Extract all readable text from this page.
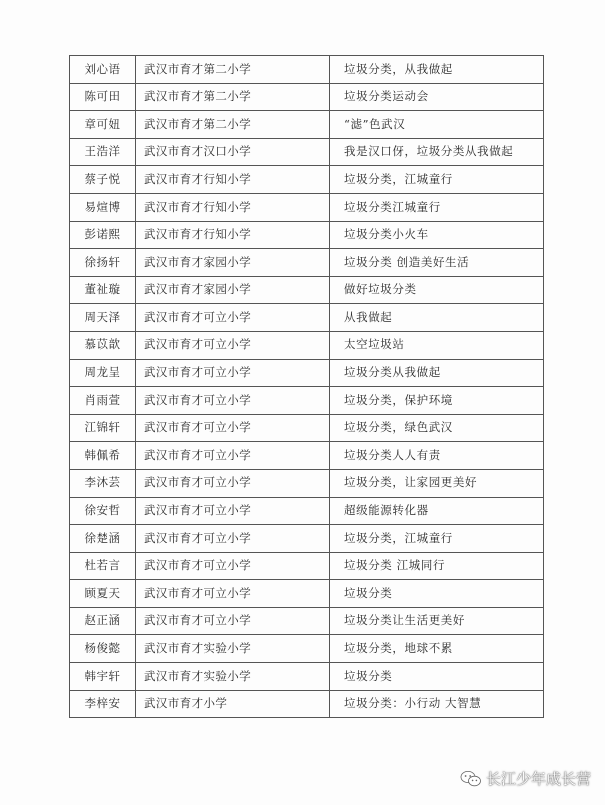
刘心语	武汉市育才第二小学	垃圾分类，从我做起
陈可田	武汉市育才第二小学	垃圾分类运动会
章可妞	武汉市育才第二小学	“滤”色武汉
王浩洋	武汉市育才汉口小学	我是汉口伢，垃圾分类从我做起
蔡子悦	武汉市育才行知小学	垃圾分类，江城童行
易煊博	武汉市育才行知小学	垃圾分类江城童行
彭诺熙	武汉市育才行知小学	垃圾分类小火车
徐扬轩	武汉市育才家园小学	垃圾分类 创造美好生活
董祉璇	武汉市育才家园小学	做好垃圾分类
周天泽	武汉市育才可立小学	从我做起
慕苡歆	武汉市育才可立小学	太空垃圾站
周龙呈	武汉市育才可立小学	垃圾分类从我做起
肖雨萱	武汉市育才可立小学	垃圾分类，保护环境
江锦轩	武汉市育才可立小学	垃圾分类，绿色武汉
韩佩希	武汉市育才可立小学	垃圾分类人人有责
李沐芸	武汉市育才可立小学	垃圾分类，让家园更美好
徐安哲	武汉市育才可立小学	超级能源转化器
徐楚涵	武汉市育才可立小学	垃圾分类，江城童行
杜若言	武汉市育才可立小学	垃圾分类 江城同行
顾夏天	武汉市育才可立小学	垃圾分类
赵正涵	武汉市育才可立小学	垃圾分类让生活更美好
杨俊懿	武汉市育才实验小学	垃圾分类，地球不累
韩宇轩	武汉市育才实验小学	垃圾分类
李梓安	武汉市育才小学	垃圾分类：小行动 大智慧
长江少年成长营
